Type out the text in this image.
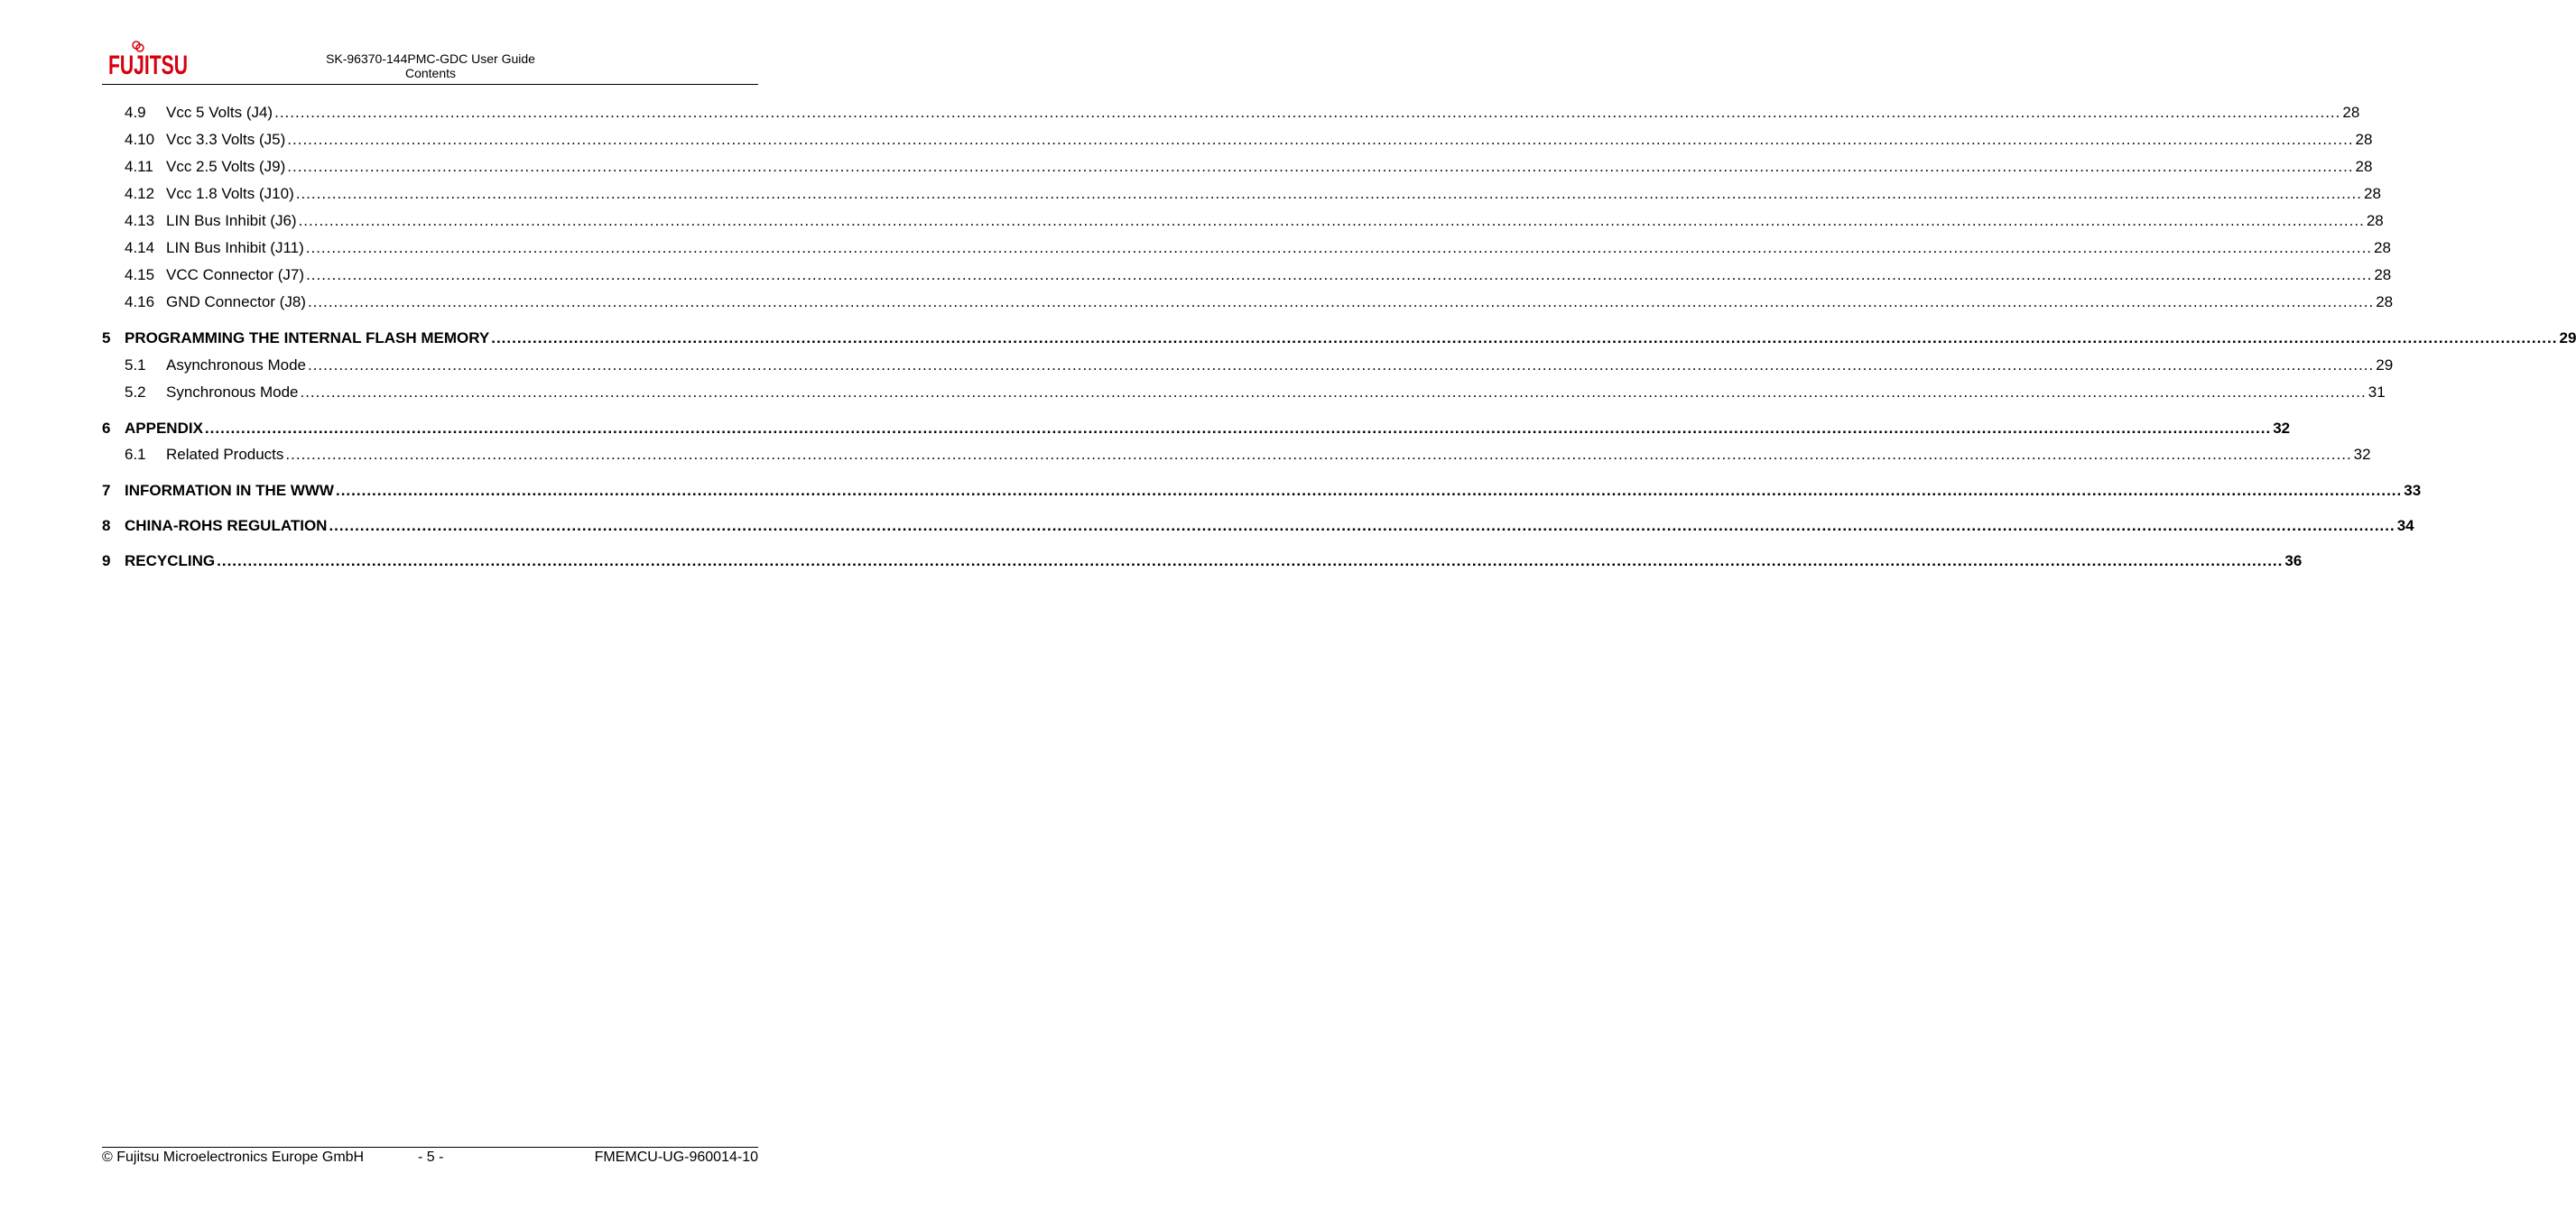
FUJITSU	SK-96370-144PMC-GDC User Guide
Contents
4.9	Vcc 5 Volts (J4) ................................................................................................................................................................................................................................................................................................................................................................................................................ 28
4.10 Vcc 3.3 Volts (J5) ................................................................................................................................................................................................................................................................................................................................................................................................................ 28
4.11 Vcc 2.5 Volts (J9) ................................................................................................................................................................................................................................................................................................................................................................................................................ 28
4.12 Vcc 1.8 Volts (J10) ................................................................................................................................................................................................................................................................................................................................................................................................................ 28
4.13 LIN Bus Inhibit (J6) ................................................................................................................................................................................................................................................................................................................................................................................................................ 28
4.14 LIN Bus Inhibit (J11) ................................................................................................................................................................................................................................................................................................................................................................................................................ 28
4.15 VCC Connector (J7) ................................................................................................................................................................................................................................................................................................................................................................................................................ 28
4.16 GND Connector (J8) ................................................................................................................................................................................................................................................................................................................................................................................................................ 28
5 PROGRAMMING THE INTERNAL FLASH MEMORY ................................................................................................................................................................................................................................................................................................................................................................................................................ 29
5.1	Asynchronous Mode ................................................................................................................................................................................................................................................................................................................................................................................................................ 29
5.2	Synchronous Mode ................................................................................................................................................................................................................................................................................................................................................................................................................ 31
6 APPENDIX ................................................................................................................................................................................................................................................................................................................................................................................................................ 32
6.1	Related Products ................................................................................................................................................................................................................................................................................................................................................................................................................ 32
7 INFORMATION IN THE WWW ................................................................................................................................................................................................................................................................................................................................................................................................................ 33
8 CHINA-ROHS REGULATION ................................................................................................................................................................................................................................................................................................................................................................................................................ 34
9 RECYCLING ................................................................................................................................................................................................................................................................................................................................................................................................................ 36
© Fujitsu Microelectronics Europe GmbH	- 5 -	FMEMCU-UG-960014-10
